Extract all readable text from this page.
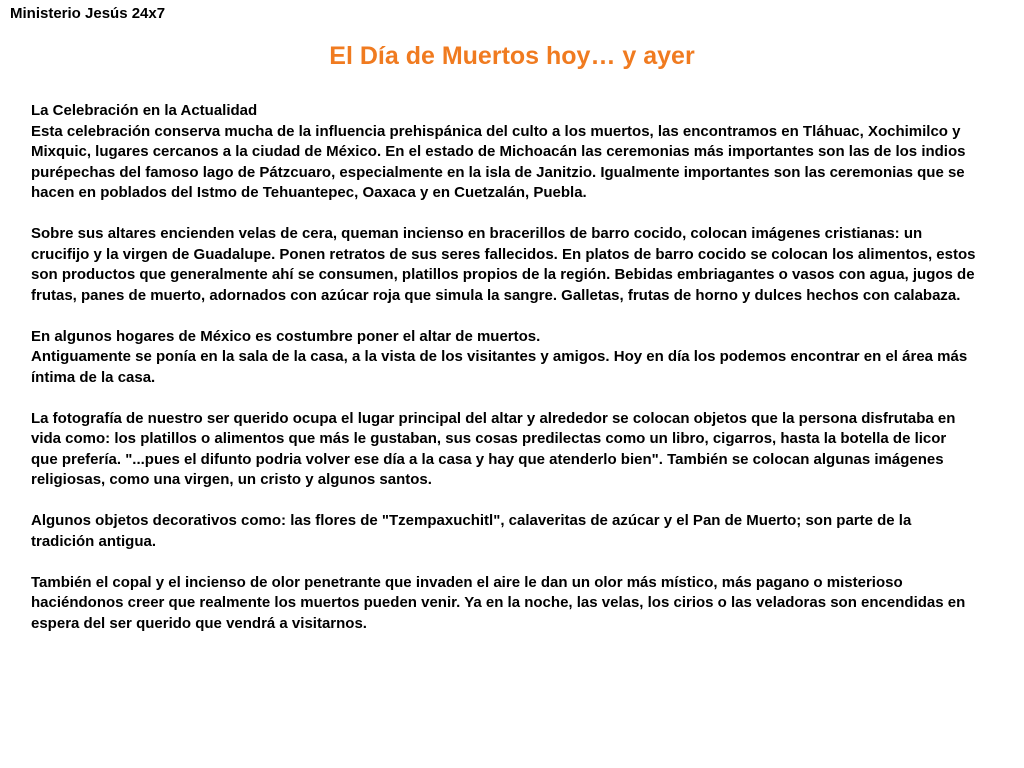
Ministerio Jesús 24x7
El Día de Muertos hoy… y ayer

La Celebración en la Actualidad

Esta celebración conserva mucha de la influencia prehispánica del culto a los muertos, las encontramos en Tláhuac, Xochimilco y Mixquic, lugares cercanos a la ciudad de México. En el estado de Michoacán las ceremonias más importantes son las de los indios purépechas del famoso lago de Pátzcuaro, especialmente en la isla de Janitzio. Igualmente importantes son las ceremonias que se hacen en poblados del Istmo de Tehuantepec, Oaxaca y en Cuetzalán, Puebla.

Sobre sus altares encienden velas de cera, queman incienso en bracerillos de barro cocido, colocan imágenes cristianas: un crucifijo y la virgen de Guadalupe. Ponen retratos de sus seres fallecidos. En platos de barro cocido se colocan los alimentos, estos son productos que generalmente ahí se consumen, platillos propios de la región. Bebidas embriagantes o vasos con agua, jugos de frutas, panes de muerto, adornados con azúcar roja que simula la sangre. Galletas, frutas de horno y dulces hechos con calabaza.

En algunos hogares de México es costumbre poner el altar de muertos.

Antiguamente se ponía en la sala de la casa, a la vista de los visitantes y amigos. Hoy en día los podemos encontrar en el área más íntima de la casa.

La fotografía de nuestro ser querido ocupa el lugar principal del altar y alrededor se colocan objetos que la persona disfrutaba en vida como: los platillos o alimentos que más le gustaban, sus cosas predilectas como un libro, cigarros, hasta la botella de licor que prefería. "...pues el difunto podria volver ese día a la casa y hay que atenderlo bien". También se colocan algunas imágenes religiosas, como una virgen, un cristo y algunos santos.

Algunos objetos decorativos como: las flores de "Tzempaxuchitl", calaveritas de azúcar y el Pan de Muerto; son parte de la tradición antigua.

También el copal y el incienso de olor penetrante que invaden el aire le dan un olor más místico, más pagano o misterioso haciéndonos creer que realmente los muertos pueden venir. Ya en la noche, las velas, los cirios o las veladoras son encendidas en espera del ser querido que vendrá a visitarnos.
